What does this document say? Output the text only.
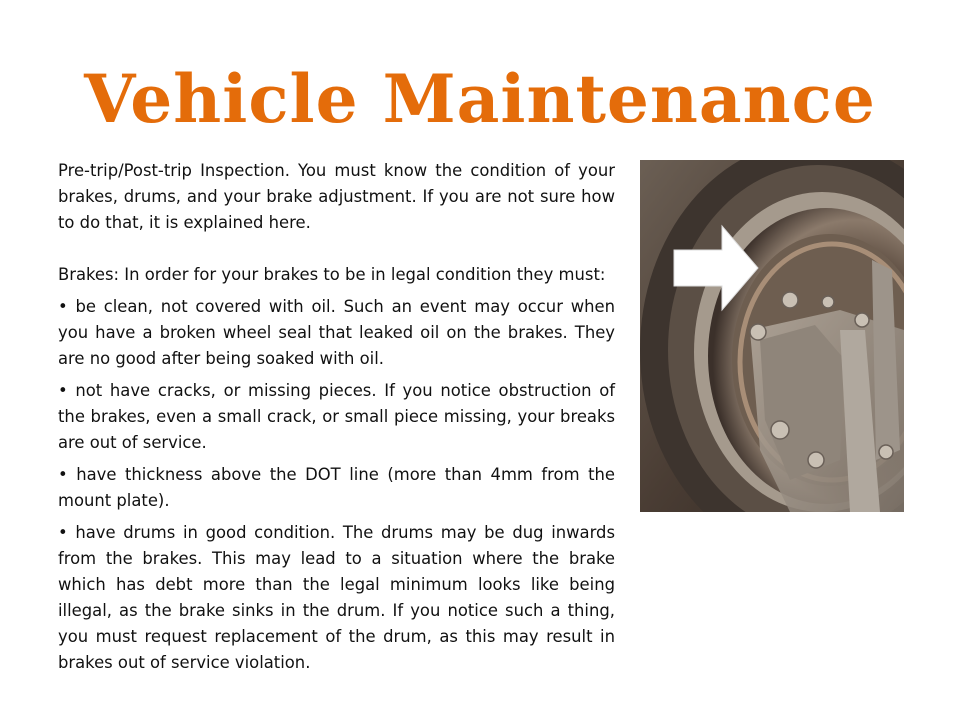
Vehicle Maintenance

Pre-trip/Post-trip Inspection. You must know the condition of your brakes, drums, and your brake adjustment. If you are not sure how to do that, it is explained here.

Brakes: In order for your brakes to be in legal condition they must:

• be clean, not covered with oil. Such an event may occur when you have a broken wheel seal that leaked oil on the brakes. They are no good after being soaked with oil.

• not have cracks, or missing pieces. If you notice obstruction of the brakes, even a small crack, or small piece missing, your breaks are out of service.

• have thickness above the DOT line (more than 4mm from the mount plate).

• have drums in good condition. The drums may be dug inwards from the brakes. This may lead to a situation where the brake which has debt more than the legal minimum looks like being illegal, as the brake sinks in the drum. If you notice such a thing, you must request replacement of the drum, as this may result in brakes out of service violation.
